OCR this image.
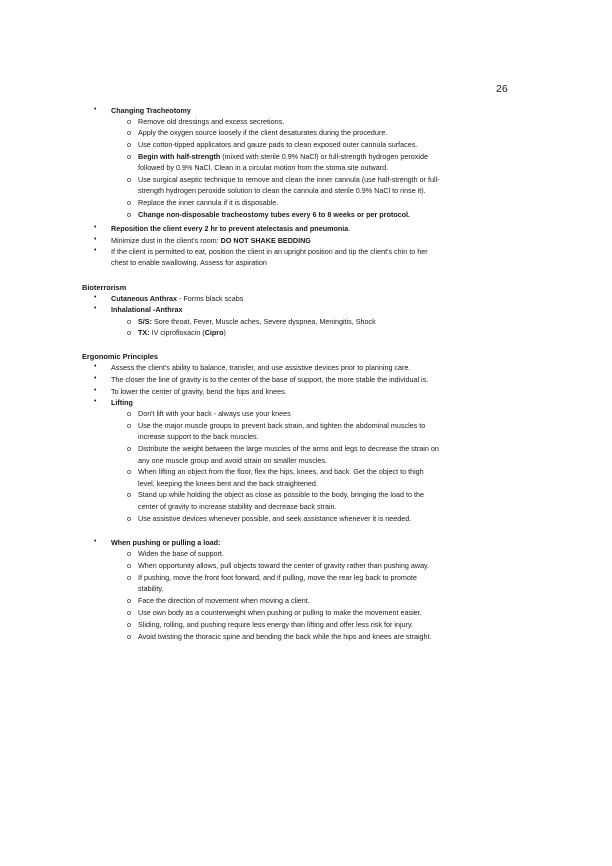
26
• Changing Tracheotomy
o Remove old dressings and excess secretions.
o Apply the oxygen source loosely if the client desaturates during the procedure.
o Use cotton-tipped applicators and gauze pads to clean exposed outer cannula surfaces.
o Begin with half-strength (mixed with sterile 0.9% NaCl) or full-strength hydrogen peroxide
followed by 0.9% NaCl. Clean in a circular motion from the stoma site outward.
o Use surgical aseptic technique to remove and clean the inner cannula (use half-strength or full-
strength hydrogen peroxide solution to clean the cannula and sterile 0.9% NaCl to rinse it).
o Replace the inner cannula if it is disposable.
o Change non-disposable tracheostomy tubes every 6 to 8 weeks or per protocol.
• Reposition the client every 2 hr to prevent atelectasis and pneumonia.
• Minimize dust in the client's room: DO NOT SHAKE BEDDING
• If the client is permitted to eat, position the client in an upright position and tip the client's chin to her
chest to enable swallowing. Assess for aspiration
Bioterrorism
• Cutaneous Anthrax - Forms black scabs
• Inhalational -Anthrax
o S/S: Sore throat, Fever, Muscle aches, Severe dyspnea, Meningitis, Shock
o TX: IV ciprofloxacin (Cipro)
Ergonomic Principles
• Assess the client's ability to balance, transfer, and use assistive devices prior to planning care.
• The closer the line of gravity is to the center of the base of support, the more stable the individual is.
• To lower the center of gravity, bend the hips and knees.
• Lifting
o Don't lift with your back - always use your knees
o Use the major muscle groups to prevent back strain, and tighten the abdominal muscles to
increase support to the back muscles.
o Distribute the weight between the large muscles of the arms and legs to decrease the strain on
any one muscle group and avoid strain on smaller muscles.
o When lifting an object from the floor, flex the hips, knees, and back. Get the object to thigh
level, keeping the knees bent and the back straightened.
o Stand up while holding the object as close as possible to the body, bringing the load to the
center of gravity to increase stability and decrease back strain.
o Use assistive devices whenever possible, and seek assistance whenever it is needed.
• When pushing or pulling a load:
o Widen the base of support.
o When opportunity allows, pull objects toward the center of gravity rather than pushing away.
o If pushing, move the front foot forward, and if pulling, move the rear leg back to promote
stability.
o Face the direction of movement when moving a client.
o Use own body as a counterweight when pushing or pulling to make the movement easier.
o Sliding, rolling, and pushing require less energy than lifting and offer less risk for injury.
o Avoid twisting the thoracic spine and bending the back while the hips and knees are straight.
